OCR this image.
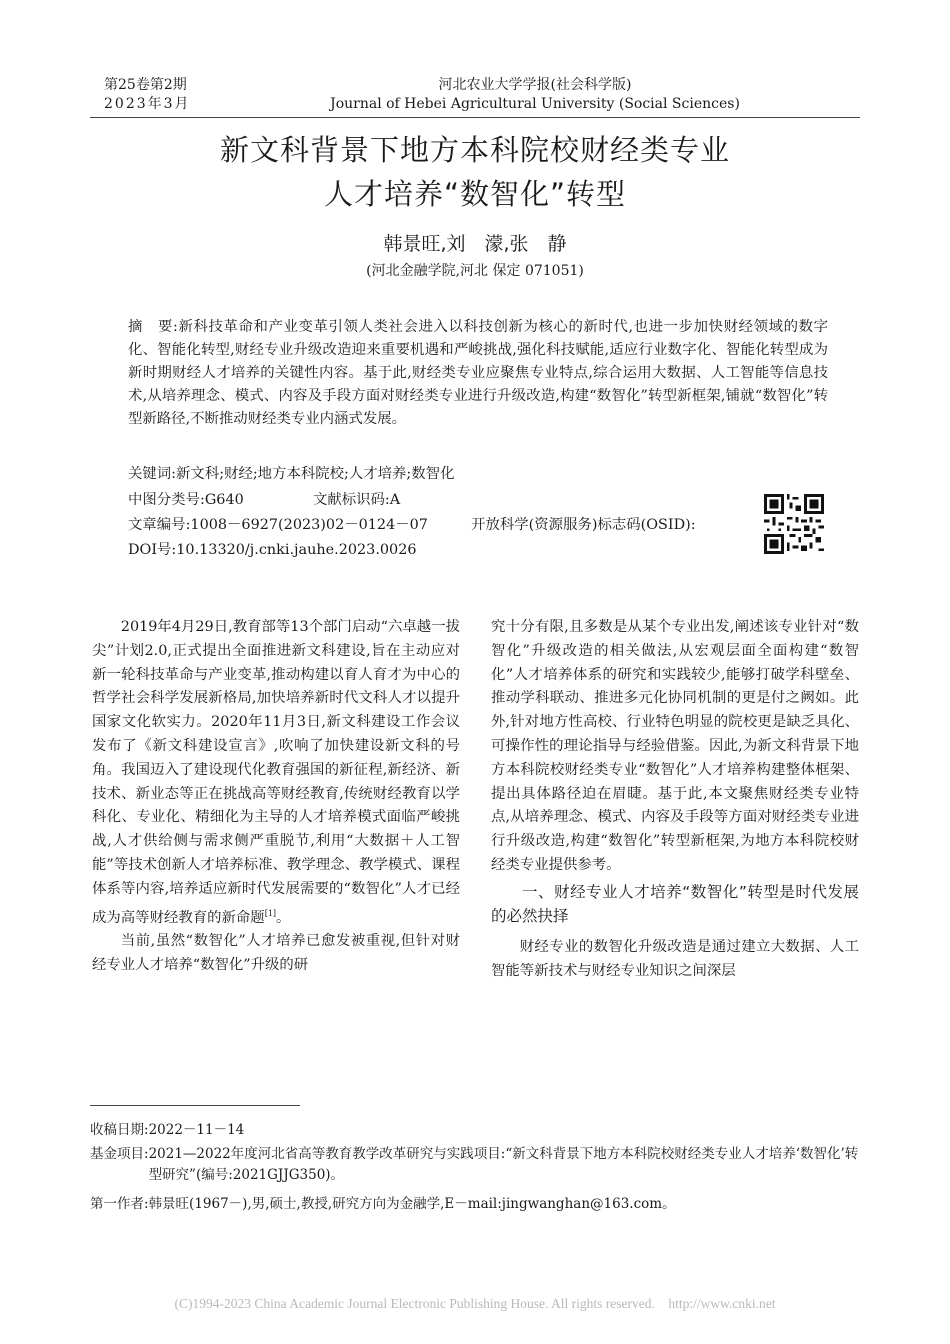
第25卷第2期
2023年3月
河北农业大学学报(社会科学版)
Journal of Hebei Agricultural University (Social Sciences)
新文科背景下地方本科院校财经类专业
人才培养“数智化”转型
韩景旺,刘　濛,张　静
(河北金融学院,河北 保定 071051)
摘　要:新科技革命和产业变革引领人类社会进入以科技创新为核心的新时代,也进一步加快财经领域的数字化、智能化转型,财经专业升级改造迎来重要机遇和严峻挑战,强化科技赋能,适应行业数字化、智能化转型成为新时期财经人才培养的关键性内容。基于此,财经类专业应聚焦专业特点,综合运用大数据、人工智能等信息技术,从培养理念、模式、内容及手段方面对财经类专业进行升级改造,构建“数智化”转型新框架,铺就“数智化”转型新路径,不断推动财经类专业内涵式发展。
关键词:新文科;财经;地方本科院校;人才培养;数智化
中图分类号:G640	文献标识码:A
文章编号:1008－6927(2023)02－0124－07	开放科学(资源服务)标志码(OSID):
DOI号:10.13320/j.cnki.jauhe.2023.0026

2019年4月29日,教育部等13个部门启动“六卓越一拔尖”计划2.0,正式提出全面推进新文科建设,旨在主动应对新一轮科技革命与产业变革,推动构建以育人育才为中心的哲学社会科学发展新格局,加快培养新时代文科人才以提升国家文化软实力。2020年11月3日,新文科建设工作会议发布了《新文科建设宣言》,吹响了加快建设新文科的号角。我国迈入了建设现代化教育强国的新征程,新经济、新技术、新业态等正在挑战高等财经教育,传统财经教育以学科化、专业化、精细化为主导的人才培养模式面临严峻挑战,人才供给侧与需求侧严重脱节,利用“大数据＋人工智能”等技术创新人才培养标准、教学理念、教学模式、课程体系等内容,培养适应新时代发展需要的“数智化”人才已经成为高等财经教育的新命题[1]。

当前,虽然“数智化”人才培养已愈发被重视,但针对财经专业人才培养“数智化”升级的研

究十分有限,且多数是从某个专业出发,阐述该专业针对“数智化”升级改造的相关做法,从宏观层面全面构建“数智化”人才培养体系的研究和实践较少,能够打破学科壁垒、推动学科联动、推进多元化协同机制的更是付之阙如。此外,针对地方性高校、行业特色明显的院校更是缺乏具化、可操作性的理论指导与经验借鉴。因此,为新文科背景下地方本科院校财经类专业“数智化”人才培养构建整体框架、提出具体路径迫在眉睫。基于此,本文聚焦财经类专业特点,从培养理念、模式、内容及手段等方面对财经类专业进行升级改造,构建“数智化”转型新框架,为地方本科院校财经类专业提供参考。

一、财经专业人才培养“数智化”转型是时代发展的必然抉择

财经专业的数智化升级改造是通过建立大数据、人工智能等新技术与财经专业知识之间深层

收稿日期:2022－11－14
基金项目: 2021—2022年度河北省高等教育教学改革研究与实践项目:“新文科背景下地方本科院校财经类专业人才培养‘数智化’转型研究”(编号:2021GJJG350)。
第一作者:韩景旺(1967－),男,硕士,教授,研究方向为金融学,E－mail:jingwanghan@163.com。
(C)1994-2023 China Academic Journal Electronic Publishing House. All rights reserved.    http://www.cnki.net
